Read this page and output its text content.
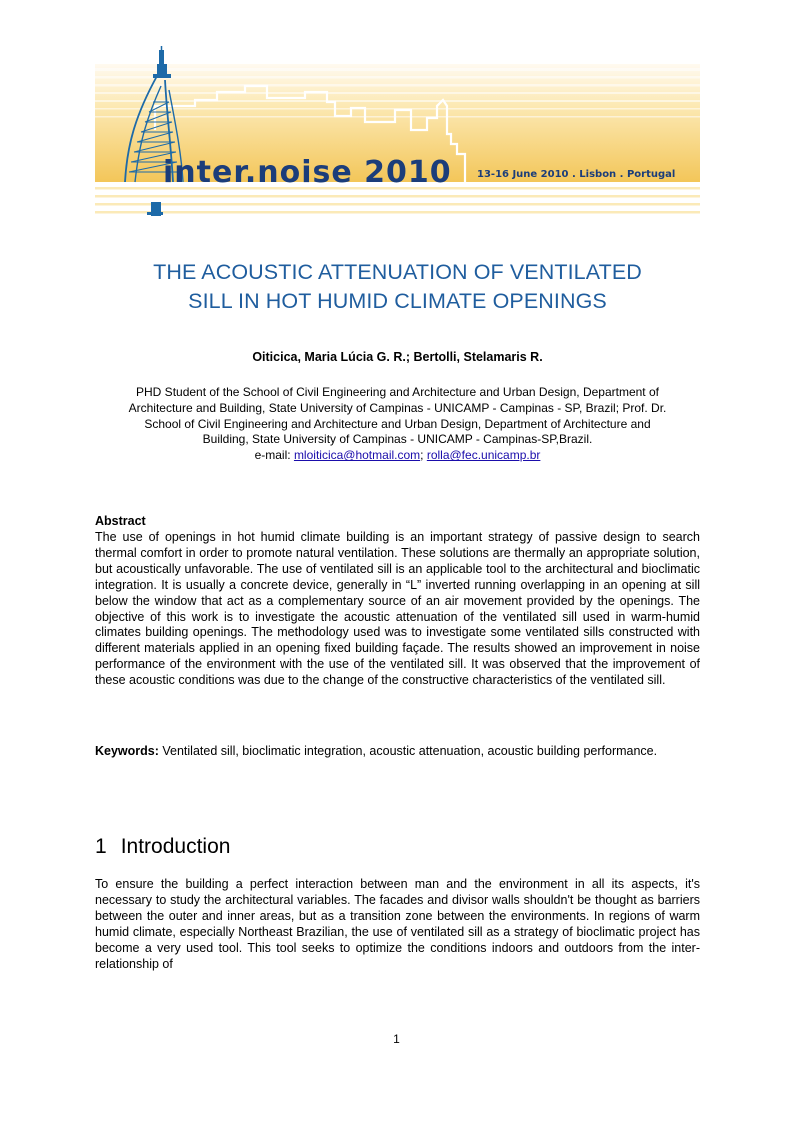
inter.noise 2010	13-16 June 2010 . Lisbon . Portugal
THE ACOUSTIC ATTENUATION OF VENTILATED
SILL IN HOT HUMID CLIMATE OPENINGS

Oiticica, Maria Lúcia G. R.; Bertolli, Stelamaris R.

PHD Student of the School of Civil Engineering and Architecture and Urban Design, Department of
Architecture and Building, State University of Campinas - UNICAMP - Campinas - SP, Brazil; Prof. Dr.
School of Civil Engineering and Architecture and Urban Design, Department of Architecture and
Building, State University of Campinas - UNICAMP - Campinas-SP,Brazil.
e-mail: mloiticica@hotmail.com; rolla@fec.unicamp.br

Abstract

The use of openings in hot humid climate building is an important strategy of passive design to search thermal comfort in order to promote natural ventilation. These solutions are thermally an appropriate solution, but acoustically unfavorable. The use of ventilated sill is an applicable tool to the architectural and bioclimatic integration. It is usually a concrete device, generally in “L” inverted running overlapping in an opening at sill below the window that act as a complementary source of an air movement provided by the openings. The objective of this work is to investigate the acoustic attenuation of the ventilated sill used in warm-humid climates building openings. The methodology used was to investigate some ventilated sills constructed with different materials applied in an opening fixed building façade. The results showed an improvement in noise performance of the environment with the use of the ventilated sill. It was observed that the improvement of these acoustic conditions was due to the change of the constructive characteristics of the ventilated sill.

Keywords: Ventilated sill, bioclimatic integration, acoustic attenuation, acoustic building performance.

1 Introduction

To ensure the building a perfect interaction between man and the environment in all its aspects, it's necessary to study the architectural variables. The facades and divisor walls shouldn't be thought as barriers between the outer and inner areas, but as a transition zone between the environments. In regions of warm humid climate, especially Northeast Brazilian, the use of ventilated sill as a strategy of bioclimatic project has become a very used tool. This tool seeks to optimize the conditions indoors and outdoors from the inter-relationship of

1
